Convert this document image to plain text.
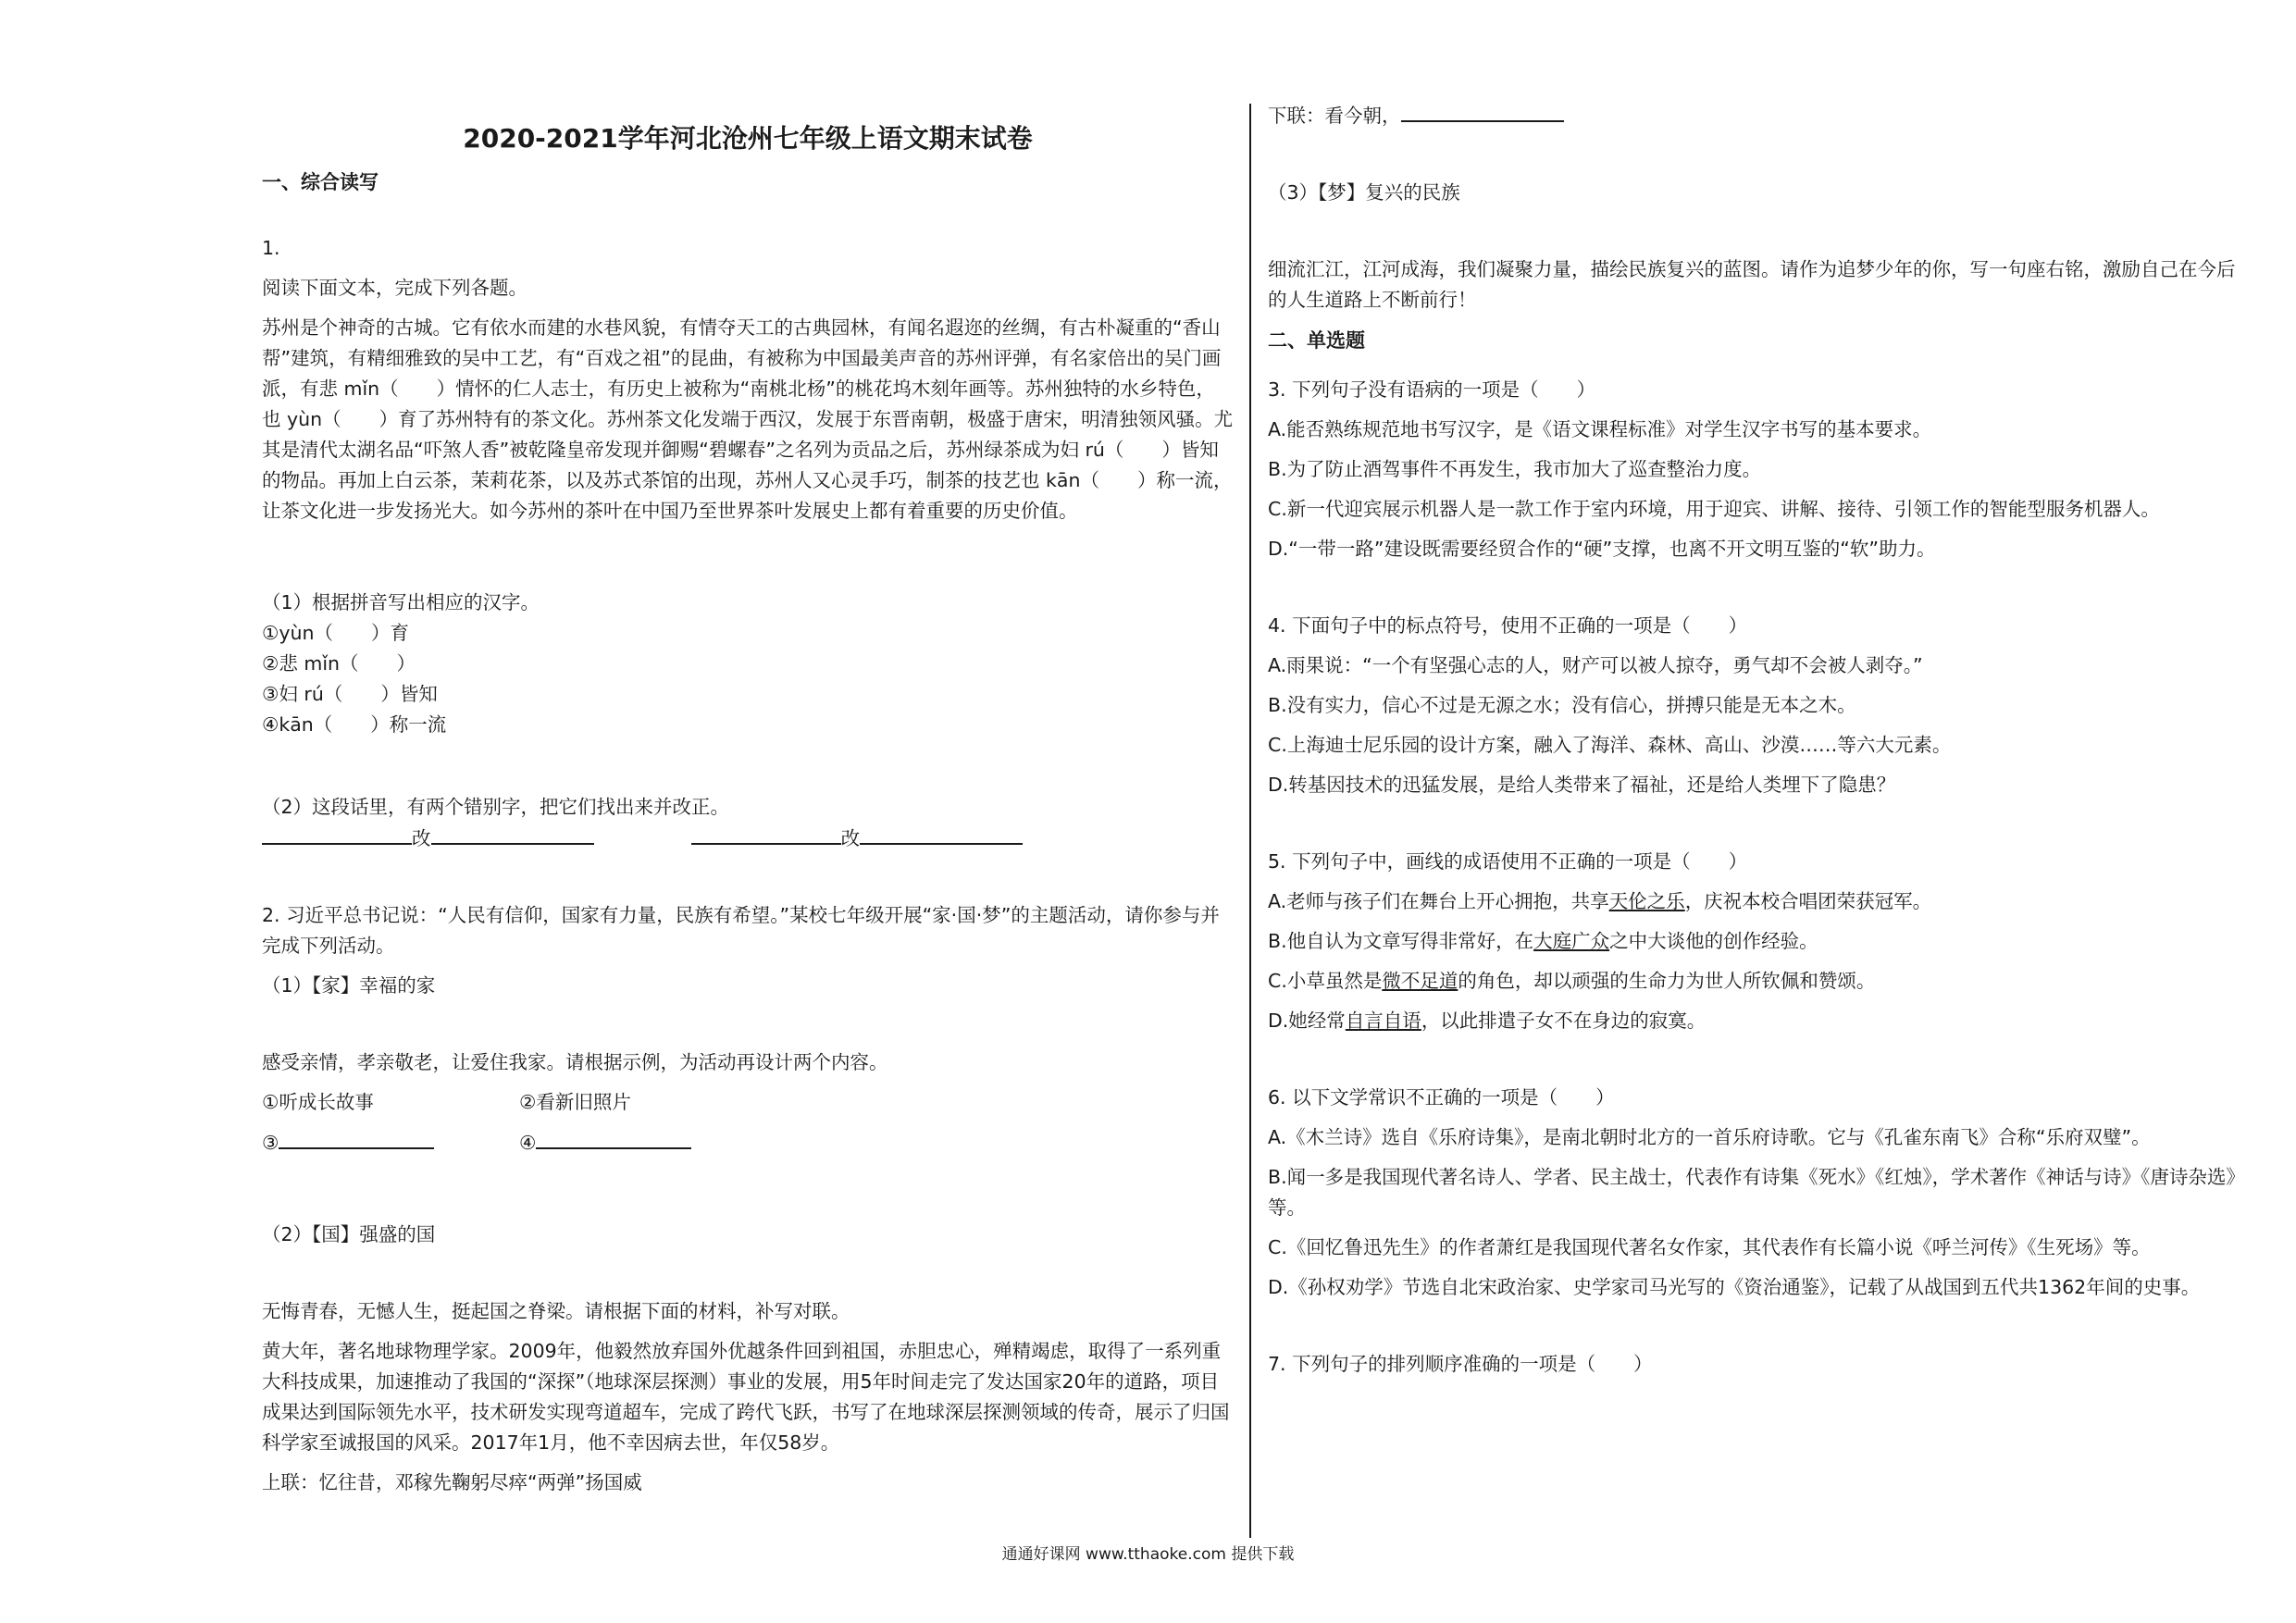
2020-2021学年河北沧州七年级上语文期末试卷
一、综合读写
1.
阅读下面文本，完成下列各题。
苏州是个神奇的古城。它有依水而建的水巷风貌，有情夺天工的古典园林，有闻名遐迩的丝绸，有古朴凝重的“香山帮”建筑，有精细雅致的吴中工艺，有“百戏之祖”的昆曲，有被称为中国最美声音的苏州评弹，有名家倍出的吴门画派，有悲 mǐn（　　）情怀的仁人志士，有历史上被称为“南桃北杨”的桃花坞木刻年画等。苏州独特的水乡特色，也 yùn（　　）育了苏州特有的茶文化。苏州茶文化发端于西汉，发展于东晋南朝，极盛于唐宋，明清独领风骚。尤其是清代太湖名品“吓煞人香”被乾隆皇帝发现并御赐“碧螺春”之名列为贡品之后，苏州绿茶成为妇 rú（　　）皆知的物品。再加上白云茶，茉莉花茶，以及苏式茶馆的出现，苏州人又心灵手巧，制茶的技艺也 kān（　　）称一流，让茶文化进一步发扬光大。如今苏州的茶叶在中国乃至世界茶叶发展史上都有着重要的历史价值。
（1）根据拼音写出相应的汉字。
①yùn（　　）育
②悲 mǐn（　　）
③妇 rú（　　）皆知
④kān（　　）称一流
（2）这段话里，有两个错别字，把它们找出来并改正。
改	改
2. 习近平总书记说：“人民有信仰，国家有力量，民族有希望。”某校七年级开展“家·国·梦”的主题活动，请你参与并完成下列活动。
（1）【家】幸福的家
感受亲情，孝亲敬老，让爱住我家。请根据示例，为活动再设计两个内容。
①听成长故事	②看新旧照片
③	④
（2）【国】强盛的国
无悔青春，无憾人生，挺起国之脊梁。请根据下面的材料，补写对联。
黄大年，著名地球物理学家。2009年，他毅然放弃国外优越条件回到祖国，赤胆忠心，殚精竭虑，取得了一系列重大科技成果，加速推动了我国的“深探”（地球深层探测）事业的发展，用5年时间走完了发达国家20年的道路，项目成果达到国际领先水平，技术研发实现弯道超车，完成了跨代飞跃，书写了在地球深层探测领域的传奇，展示了归国科学家至诚报国的风采。2017年1月，他不幸因病去世，年仅58岁。
上联：忆往昔，邓稼先鞠躬尽瘁“两弹”扬国威
下联：看今朝，
（3）【梦】复兴的民族
细流汇江，江河成海，我们凝聚力量，描绘民族复兴的蓝图。请作为追梦少年的你，写一句座右铭，激励自己在今后的人生道路上不断前行！
二、单选题
3. 下列句子没有语病的一项是（　　）
A.能否熟练规范地书写汉字，是《语文课程标准》对学生汉字书写的基本要求。
B.为了防止酒驾事件不再发生，我市加大了巡查整治力度。
C.新一代迎宾展示机器人是一款工作于室内环境，用于迎宾、讲解、接待、引领工作的智能型服务机器人。
D.“一带一路”建设既需要经贸合作的“硬”支撑，也离不开文明互鉴的“软”助力。
4. 下面句子中的标点符号，使用不正确的一项是（　　）
A.雨果说：“一个有坚强心志的人，财产可以被人掠夺，勇气却不会被人剥夺。”
B.没有实力，信心不过是无源之水；没有信心，拼搏只能是无本之木。
C.上海迪士尼乐园的设计方案，融入了海洋、森林、高山、沙漠……等六大元素。
D.转基因技术的迅猛发展，是给人类带来了福祉，还是给人类埋下了隐患？
5. 下列句子中，画线的成语使用不正确的一项是（　　）
A.老师与孩子们在舞台上开心拥抱，共享天伦之乐，庆祝本校合唱团荣获冠军。
B.他自认为文章写得非常好，在大庭广众之中大谈他的创作经验。
C.小草虽然是微不足道的角色，却以顽强的生命力为世人所钦佩和赞颂。
D.她经常自言自语，以此排遣子女不在身边的寂寞。
6. 以下文学常识不正确的一项是（　　）
A.《木兰诗》选自《乐府诗集》，是南北朝时北方的一首乐府诗歌。它与《孔雀东南飞》合称“乐府双璧”。
B.闻一多是我国现代著名诗人、学者、民主战士，代表作有诗集《死水》《红烛》，学术著作《神话与诗》《唐诗杂选》等。
C.《回忆鲁迅先生》的作者萧红是我国现代著名女作家，其代表作有长篇小说《呼兰河传》《生死场》等。
D.《孙权劝学》节选自北宋政治家、史学家司马光写的《资治通鉴》，记载了从战国到五代共1362年间的史事。
7. 下列句子的排列顺序准确的一项是（　　）
通通好课网 www.tthaoke.com 提供下载
